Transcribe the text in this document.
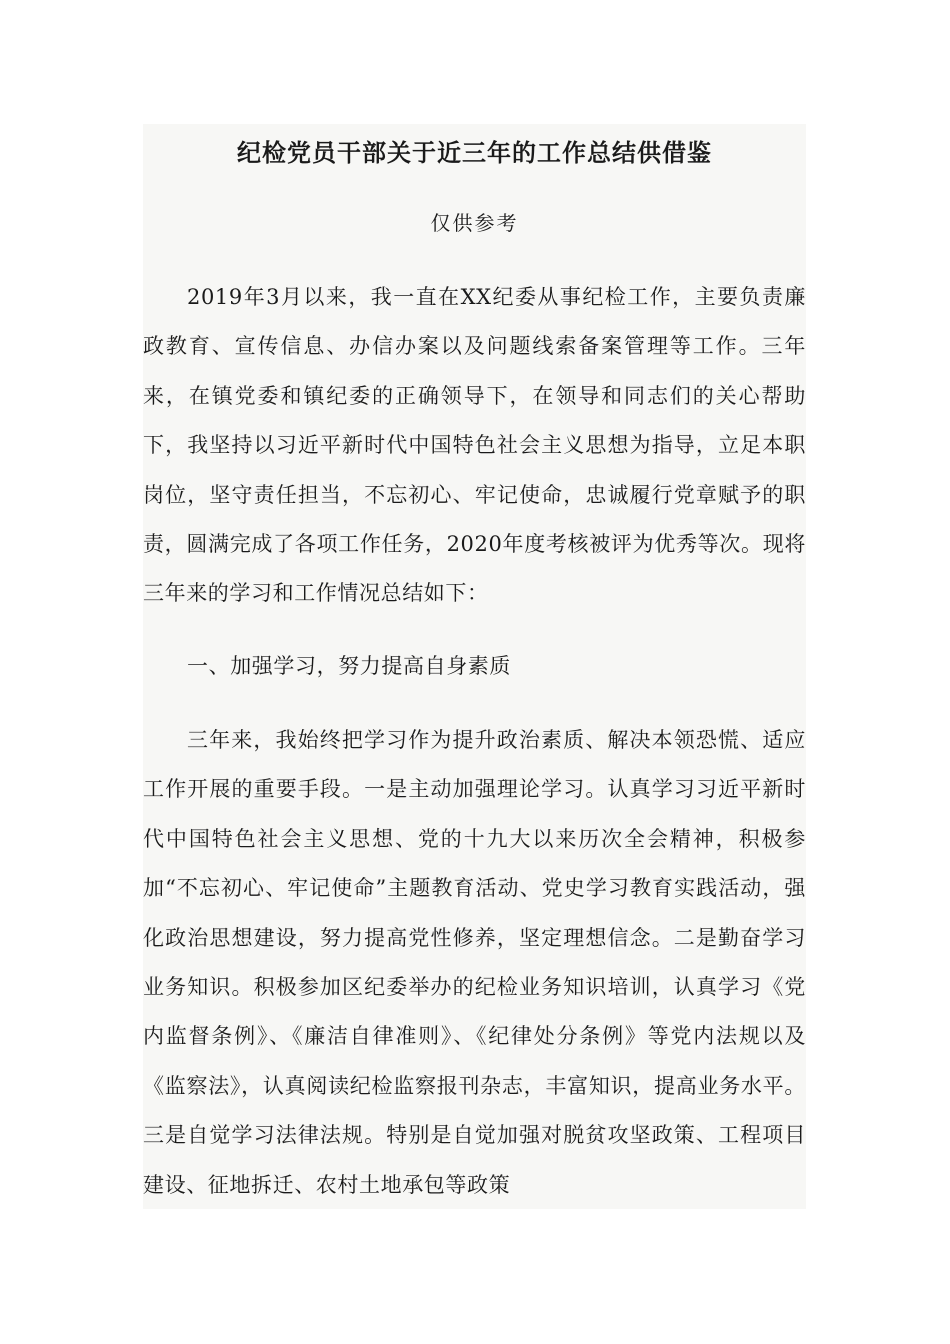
纪检党员干部关于近三年的工作总结供借鉴
仅供参考

2019年3月以来，我一直在XX纪委从事纪检工作，主要负责廉政教育、宣传信息、办信办案以及问题线索备案管理等工作。三年来，在镇党委和镇纪委的正确领导下，在领导和同志们的关心帮助下，我坚持以习近平新时代中国特色社会主义思想为指导，立足本职岗位，坚守责任担当，不忘初心、牢记使命，忠诚履行党章赋予的职责，圆满完成了各项工作任务，2020年度考核被评为优秀等次。现将三年来的学习和工作情况总结如下：

一、加强学习，努力提高自身素质

三年来，我始终把学习作为提升政治素质、解决本领恐慌、适应工作开展的重要手段。一是主动加强理论学习。认真学习习近平新时代中国特色社会主义思想、党的十九大以来历次全会精神，积极参加“不忘初心、牢记使命”主题教育活动、党史学习教育实践活动，强化政治思想建设，努力提高党性修养，坚定理想信念。二是勤奋学习业务知识。积极参加区纪委举办的纪检业务知识培训，认真学习《党内监督条例》、《廉洁自律准则》、《纪律处分条例》等党内法规以及《监察法》，认真阅读纪检监察报刊杂志，丰富知识，提高业务水平。三是自觉学习法律法规。特别是自觉加强对脱贫攻坚政策、工程项目建设、征地拆迁、农村土地承包等政策
